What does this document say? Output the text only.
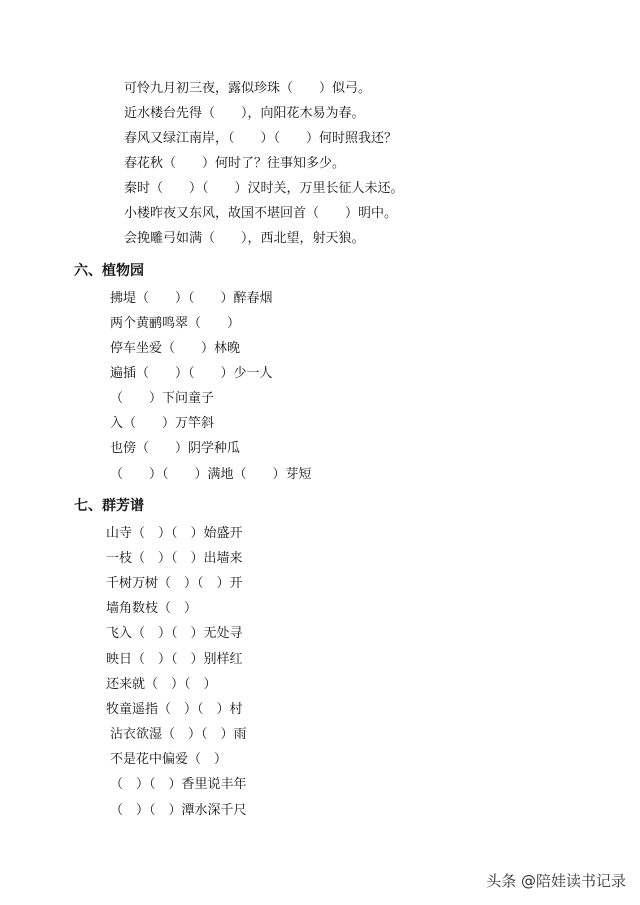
可怜九月初三夜，露似珍珠（　　）似弓。
近水楼台先得（　　），向阳花木易为春。
春风又绿江南岸，（　　）（　　）何时照我还？
春花秋（　　）何时了？往事知多少。
秦时（　　）（　　）汉时关，万里长征人未还。
小楼昨夜又东风，故国不堪回首（　　）明中。
会挽雕弓如满（　　），西北望，射天狼。
六、植物园
拂堤（　　）（　　）醉春烟
两个黄鹂鸣翠（　　）
停车坐爱（　　）林晚
遍插（　　）（　　）少一人
（　　）下问童子
入（　　）万竿斜
也傍（　　）阴学种瓜
（　　）（　　）满地（　　）芽短
七、群芳谱
山寺（　）（　）始盛开
一枝（　）（　）出墙来
千树万树（　）（　）开
墙角数枝（　）
飞入（　）（　）无处寻
映日（　）（　）别样红
还来就（　）（　）
牧童遥指（　）（　）村
沾衣欲湿（　）（　）雨
不是花中偏爱（　）
（　）（　）香里说丰年
（　）（　）潭水深千尺
头条 @陪娃读书记录
